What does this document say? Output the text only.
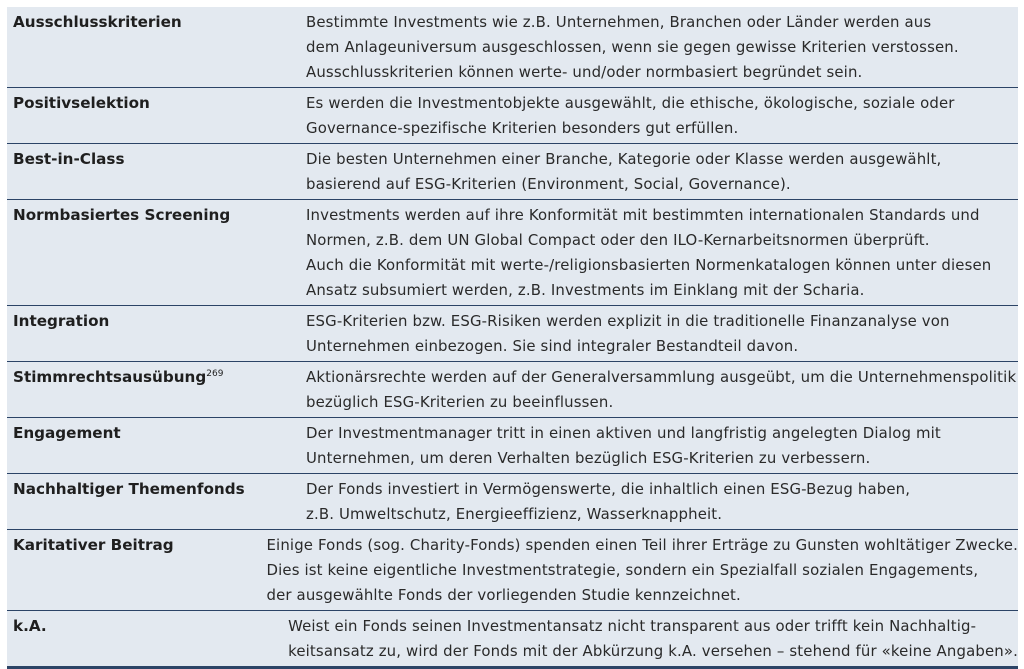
Ausschlusskriterien	Bestimmte Investments wie z.B. Unternehmen, Branchen oder Länder werden aus
dem Anlageuniversum ausgeschlossen, wenn sie gegen gewisse Kriterien verstossen.
Ausschlusskriterien können werte- und/oder normbasiert begründet sein.
Positivselektion	Es werden die Investmentobjekte ausgewählt, die ethische, ökologische, soziale oder
Governance-spezifische Kriterien besonders gut erfüllen.
Best-in-Class	Die besten Unternehmen einer Branche, Kategorie oder Klasse werden ausgewählt,
basierend auf ESG-Kriterien (Environment, Social, Governance).
Normbasiertes Screening	Investments werden auf ihre Konformität mit bestimmten internationalen Standards und
Normen, z.B. dem UN Global Compact oder den ILO-Kernarbeitsnormen überprüft.
Auch die Konformität mit werte-/religionsbasierten Normenkatalogen können unter diesen
Ansatz subsumiert werden, z.B. Investments im Einklang mit der Scharia.
Integration	ESG-Kriterien bzw. ESG-Risiken werden explizit in die traditionelle Finanzanalyse von
Unternehmen einbezogen. Sie sind integraler Bestandteil davon.
Stimmrechtsausübung$^{269}$	Aktionärsrechte werden auf der Generalversammlung ausgeübt, um die Unternehmenspolitik
bezüglich ESG-Kriterien zu beeinflussen.
Engagement	Der Investmentmanager tritt in einen aktiven und langfristig angelegten Dialog mit
Unternehmen, um deren Verhalten bezüglich ESG-Kriterien zu verbessern.
Nachhaltiger Themenfonds	Der Fonds investiert in Vermögenswerte, die inhaltlich einen ESG-Bezug haben,
z.B. Umweltschutz, Energieeffizienz, Wasserknappheit.
Karitativer Beitrag	Einige Fonds (sog. Charity-Fonds) spenden einen Teil ihrer Erträge zu Gunsten wohltätiger Zwecke.
Dies ist keine eigentliche Investmentstrategie, sondern ein Spezialfall sozialen Engagements,
der ausgewählte Fonds der vorliegenden Studie kennzeichnet.
k.A.	Weist ein Fonds seinen Investmentansatz nicht transparent aus oder trifft kein Nachhaltig-
keitsansatz zu, wird der Fonds mit der Abkürzung k.A. versehen – stehend für «keine Angaben».
